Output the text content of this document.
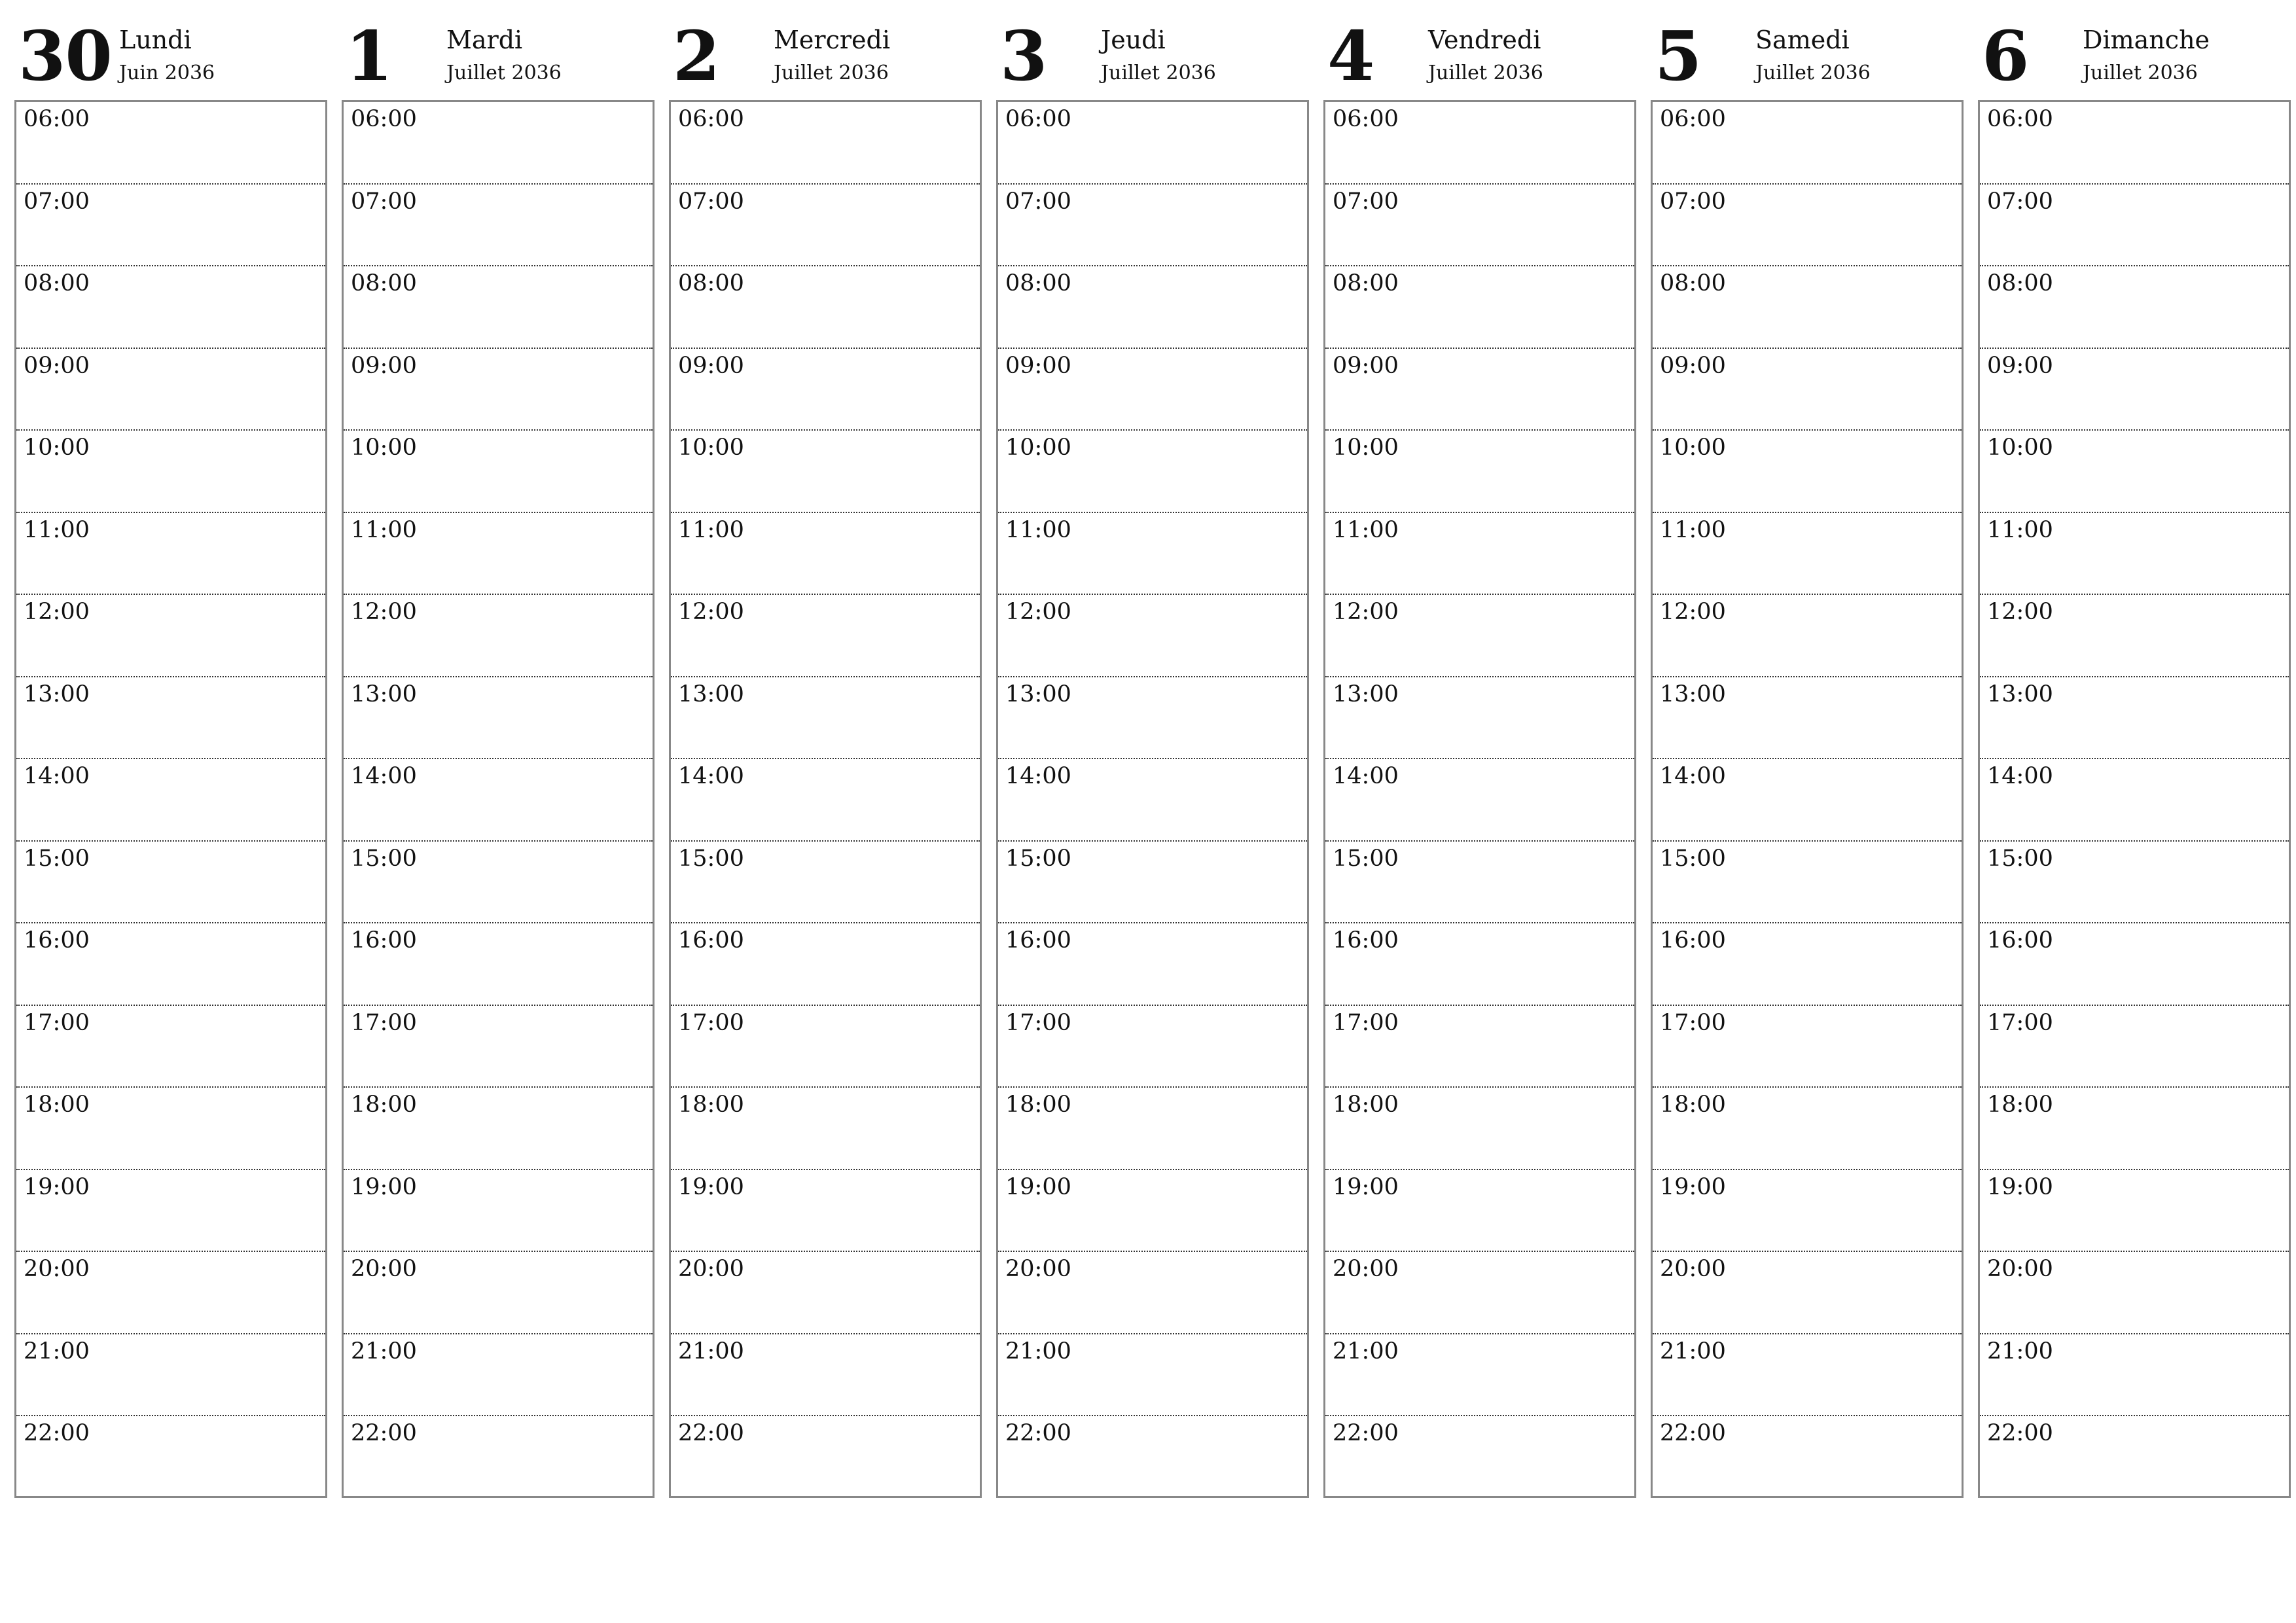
30 Lundi
Juin 2036
06:00
07:00
08:00
09:00
10:00
11:00
12:00
13:00
14:00
15:00
16:00
17:00
18:00
19:00
20:00
21:00
22:00
1 Mardi
Juillet 2036
06:00
07:00
08:00
09:00
10:00
11:00
12:00
13:00
14:00
15:00
16:00
17:00
18:00
19:00
20:00
21:00
22:00
2 Mercredi
Juillet 2036
06:00
07:00
08:00
09:00
10:00
11:00
12:00
13:00
14:00
15:00
16:00
17:00
18:00
19:00
20:00
21:00
22:00
3 Jeudi
Juillet 2036
06:00
07:00
08:00
09:00
10:00
11:00
12:00
13:00
14:00
15:00
16:00
17:00
18:00
19:00
20:00
21:00
22:00
4 Vendredi
Juillet 2036
06:00
07:00
08:00
09:00
10:00
11:00
12:00
13:00
14:00
15:00
16:00
17:00
18:00
19:00
20:00
21:00
22:00
5 Samedi
Juillet 2036
06:00
07:00
08:00
09:00
10:00
11:00
12:00
13:00
14:00
15:00
16:00
17:00
18:00
19:00
20:00
21:00
22:00
6 Dimanche
Juillet 2036
06:00
07:00
08:00
09:00
10:00
11:00
12:00
13:00
14:00
15:00
16:00
17:00
18:00
19:00
20:00
21:00
22:00
